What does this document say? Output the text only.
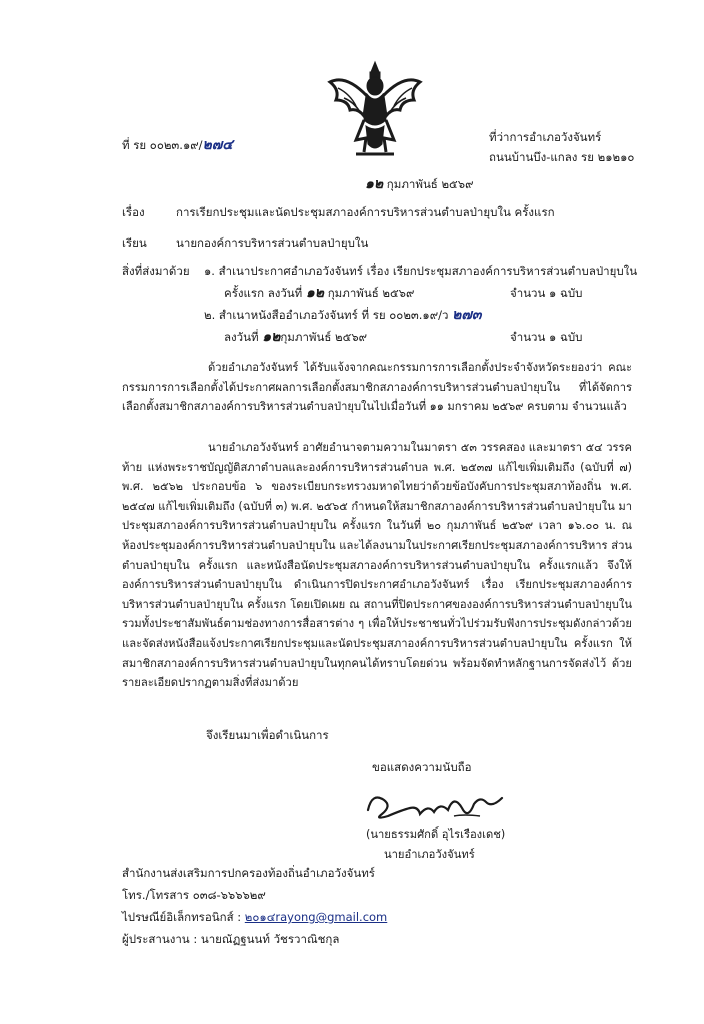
ที่ รย ๐๐๒๓.๑๙/๒๗๔	ที่ว่าการอำเภอวังจันทร์
ถนนบ้านบึง-แกลง รย ๒๑๒๑๐
๑๒ กุมภาพันธ์ ๒๕๖๙
เรื่อง	การเรียกประชุมและนัดประชุมสภาองค์การบริหารส่วนตำบลป่ายุบใน ครั้งแรก
เรียน	นายกองค์การบริหารส่วนตำบลป่ายุบใน
สิ่งที่ส่งมาด้วย ๑. สำเนาประกาศอำเภอวังจันทร์ เรื่อง เรียกประชุมสภาองค์การบริหารส่วนตำบลป่ายุบใน
ครั้งแรก ลงวันที่ ๑๒ กุมภาพันธ์ ๒๕๖๙	จำนวน ๑ ฉบับ
๒. สำเนาหนังสืออำเภอวังจันทร์ ที่ รย ๐๐๒๓.๑๙/ว ๒๗๓
ลงวันที่ ๑๒กุมภาพันธ์ ๒๕๖๙	จำนวน ๑ ฉบับ

ด้วยอำเภอวังจันทร์ ได้รับแจ้งจากคณะกรรมการการเลือกตั้งประจำจังหวัดระยองว่า คณะกรรมการการเลือกตั้งได้ประกาศผลการเลือกตั้งสมาชิกสภาองค์การบริหารส่วนตำบลป่ายุบใน ที่ได้จัดการเลือกตั้งสมาชิกสภาองค์การบริหารส่วนตำบลป่ายุบในไปเมื่อวันที่ ๑๑ มกราคม ๒๕๖๙ ครบตาม จำนวนแล้ว

นายอำเภอวังจันทร์ อาศัยอำนาจตามความในมาตรา ๕๓ วรรคสอง และมาตรา ๕๔ วรรค ท้าย แห่งพระราชบัญญัติสภาตำบลและองค์การบริหารส่วนตำบล พ.ศ. ๒๕๓๗ แก้ไขเพิ่มเติมถึง (ฉบับที่ ๗) พ.ศ. ๒๕๖๒ ประกอบข้อ ๖ ของระเบียบกระทรวงมหาดไทยว่าด้วยข้อบังคับการประชุมสภาท้องถิ่น พ.ศ. ๒๕๔๗ แก้ไขเพิ่มเติมถึง (ฉบับที่ ๓) พ.ศ. ๒๕๖๕ กำหนดให้สมาชิกสภาองค์การบริหารส่วนตำบลป่ายุบใน มาประชุมสภาองค์การบริหารส่วนตำบลป่ายุบใน ครั้งแรก ในวันที่ ๒๐ กุมภาพันธ์ ๒๕๖๙ เวลา ๑๖.๐๐ น. ณ ห้องประชุมองค์การบริหารส่วนตำบลป่ายุบใน และได้ลงนามในประกาศเรียกประชุมสภาองค์การบริหาร ส่วนตำบลป่ายุบใน ครั้งแรก และหนังสือนัดประชุมสภาองค์การบริหารส่วนตำบลป่ายุบใน ครั้งแรกแล้ว จึงให้ องค์การบริหารส่วนตำบลป่ายุบใน ดำเนินการปิดประกาศอำเภอวังจันทร์ เรื่อง เรียกประชุมสภาองค์การ บริหารส่วนตำบลป่ายุบใน ครั้งแรก โดยเปิดเผย ณ สถานที่ปิดประกาศขององค์การบริหารส่วนตำบลป่ายุบใน รวมทั้งประชาสัมพันธ์ตามช่องทางการสื่อสารต่าง ๆ เพื่อให้ประชาชนทั่วไปร่วมรับฟังการประชุมดังกล่าวด้วย และจัดส่งหนังสือแจ้งประกาศเรียกประชุมและนัดประชุมสภาองค์การบริหารส่วนตำบลป่ายุบใน ครั้งแรก ให้สมาชิกสภาองค์การบริหารส่วนตำบลป่ายุบในทุกคนได้ทราบโดยด่วน พร้อมจัดทำหลักฐานการจัดส่งไว้ ด้วย รายละเอียดปรากฏตามสิ่งที่ส่งมาด้วย

จึงเรียนมาเพื่อดำเนินการ
ขอแสดงความนับถือ
(นายธรรมศักดิ์ อุไรเรืองเดช)
นายอำเภอวังจันทร์
สำนักงานส่งเสริมการปกครองท้องถิ่นอำเภอวังจันทร์
โทร./โทรสาร ๐๓๘-๖๖๖๖๒๙
ไปรษณีย์อิเล็กทรอนิกส์ : ๒๐๑๔rayong@gmail.com
ผู้ประสานงาน : นายณัฏฐนนท์ วัชรวาณิชกุล
